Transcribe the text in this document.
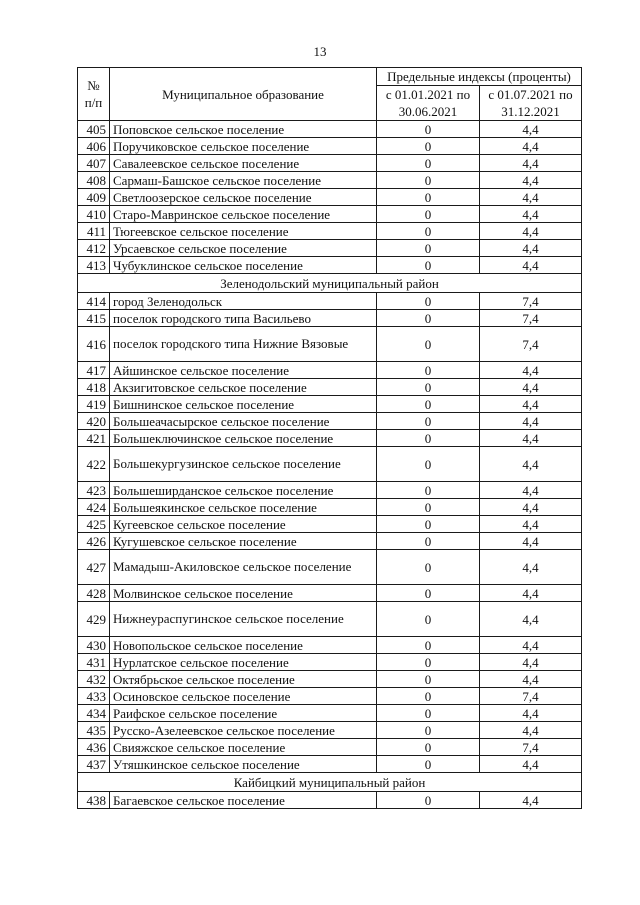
13
№ п/п	Муниципальное образование	Предельные индексы (проценты)	
		с 01.01.2021 по 30.06.2021	с 01.07.2021 по 31.12.2021
405	Поповское сельское поселение	0	4,4
406	Поручиковское сельское поселение	0	4,4
407	Савалеевское сельское поселение	0	4,4
408	Сармаш-Башское сельское поселение	0	4,4
409	Светлоозерское сельское поселение	0	4,4
410	Старо-Мавринское сельское поселение	0	4,4
411	Тюгеевское сельское поселение	0	4,4
412	Урсаевское сельское поселение	0	4,4
413	Чубуклинское сельское поселение	0	4,4
Зеленодольский муниципальный район			
414	город Зеленодольск	0	7,4
415	поселок городского типа Васильево	0	7,4
416	поселок городского типа Нижние Вязовые	0	7,4
417	Айшинское сельское поселение	0	4,4
418	Акзигитовское сельское поселение	0	4,4
419	Бишнинское сельское поселение	0	4,4
420	Большеачасырское сельское поселение	0	4,4
421	Большеключинское сельское поселение	0	4,4
422	Большекургузинское сельское поселение	0	4,4
423	Большеширданское сельское поселение	0	4,4
424	Большеякинское сельское поселение	0	4,4
425	Кугеевское сельское поселение	0	4,4
426	Кугушевское сельское поселение	0	4,4
427	Мамадыш-Акиловское сельское поселение	0	4,4
428	Молвинское сельское поселение	0	4,4
429	Нижнеураспугинское сельское поселение	0	4,4
430	Новопольское сельское поселение	0	4,4
431	Нурлатское сельское поселение	0	4,4
432	Октябрьское сельское поселение	0	4,4
433	Осиновское сельское поселение	0	7,4
434	Раифское сельское поселение	0	4,4
435	Русско-Азелеевское сельское поселение	0	4,4
436	Свияжское сельское поселение	0	7,4
437	Утяшкинское сельское поселение	0	4,4
Кайбицкий муниципальный район			
438	Багаевское сельское поселение	0	4,4
